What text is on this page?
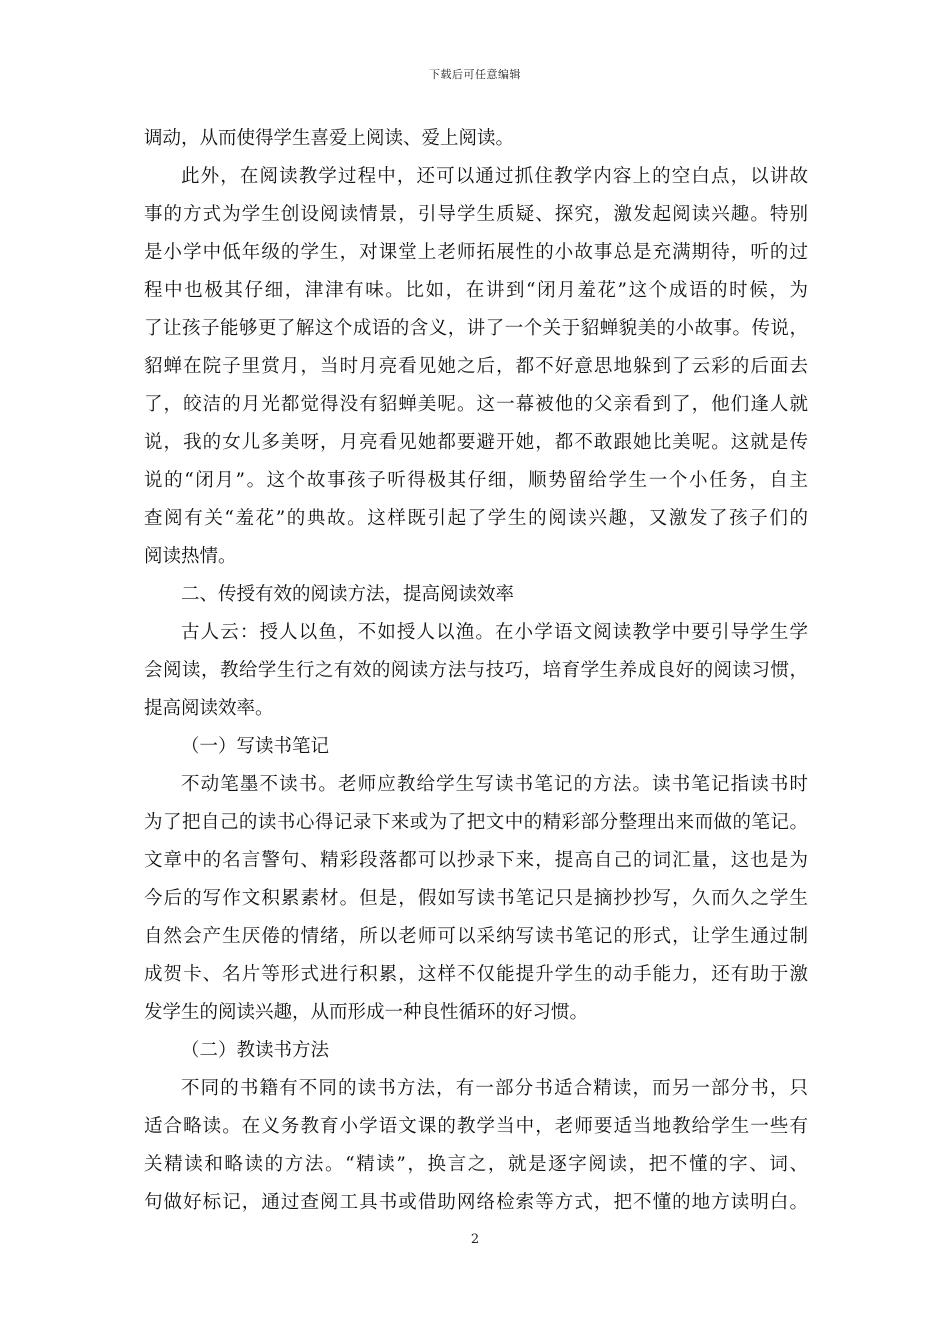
下载后可任意编辑
调动，从而使得学生喜爱上阅读、爱上阅读。
此外，在阅读教学过程中，还可以通过抓住教学内容上的空白点，以讲故
事的方式为学生创设阅读情景，引导学生质疑、探究，激发起阅读兴趣。特别
是小学中低年级的学生，对课堂上老师拓展性的小故事总是充满期待，听的过
程中也极其仔细，津津有味。比如，在讲到“闭月羞花”这个成语的时候，为
了让孩子能够更了解这个成语的含义，讲了一个关于貂蝉貌美的小故事。传说，
貂蝉在院子里赏月，当时月亮看见她之后，都不好意思地躲到了云彩的后面去
了，皎洁的月光都觉得没有貂蝉美呢。这一幕被他的父亲看到了，他们逢人就
说，我的女儿多美呀，月亮看见她都要避开她，都不敢跟她比美呢。这就是传
说的“闭月”。这个故事孩子听得极其仔细，顺势留给学生一个小任务，自主
查阅有关“羞花”的典故。这样既引起了学生的阅读兴趣，又激发了孩子们的
阅读热情。
二、传授有效的阅读方法，提高阅读效率
古人云：授人以鱼，不如授人以渔。在小学语文阅读教学中要引导学生学
会阅读，教给学生行之有效的阅读方法与技巧，培育学生养成良好的阅读习惯，
提高阅读效率。
（一）写读书笔记
不动笔墨不读书。老师应教给学生写读书笔记的方法。读书笔记指读书时
为了把自己的读书心得记录下来或为了把文中的精彩部分整理出来而做的笔记。
文章中的名言警句、精彩段落都可以抄录下来，提高自己的词汇量，这也是为
今后的写作文积累素材。但是，假如写读书笔记只是摘抄抄写，久而久之学生
自然会产生厌倦的情绪，所以老师可以采纳写读书笔记的形式，让学生通过制
成贺卡、名片等形式进行积累，这样不仅能提升学生的动手能力，还有助于激
发学生的阅读兴趣，从而形成一种良性循环的好习惯。
（二）教读书方法
不同的书籍有不同的读书方法，有一部分书适合精读，而另一部分书，只
适合略读。在义务教育小学语文课的教学当中，老师要适当地教给学生一些有
关精读和略读的方法。“精读”，换言之，就是逐字阅读，把不懂的字、词、
句做好标记，通过查阅工具书或借助网络检索等方式，把不懂的地方读明白。
2
